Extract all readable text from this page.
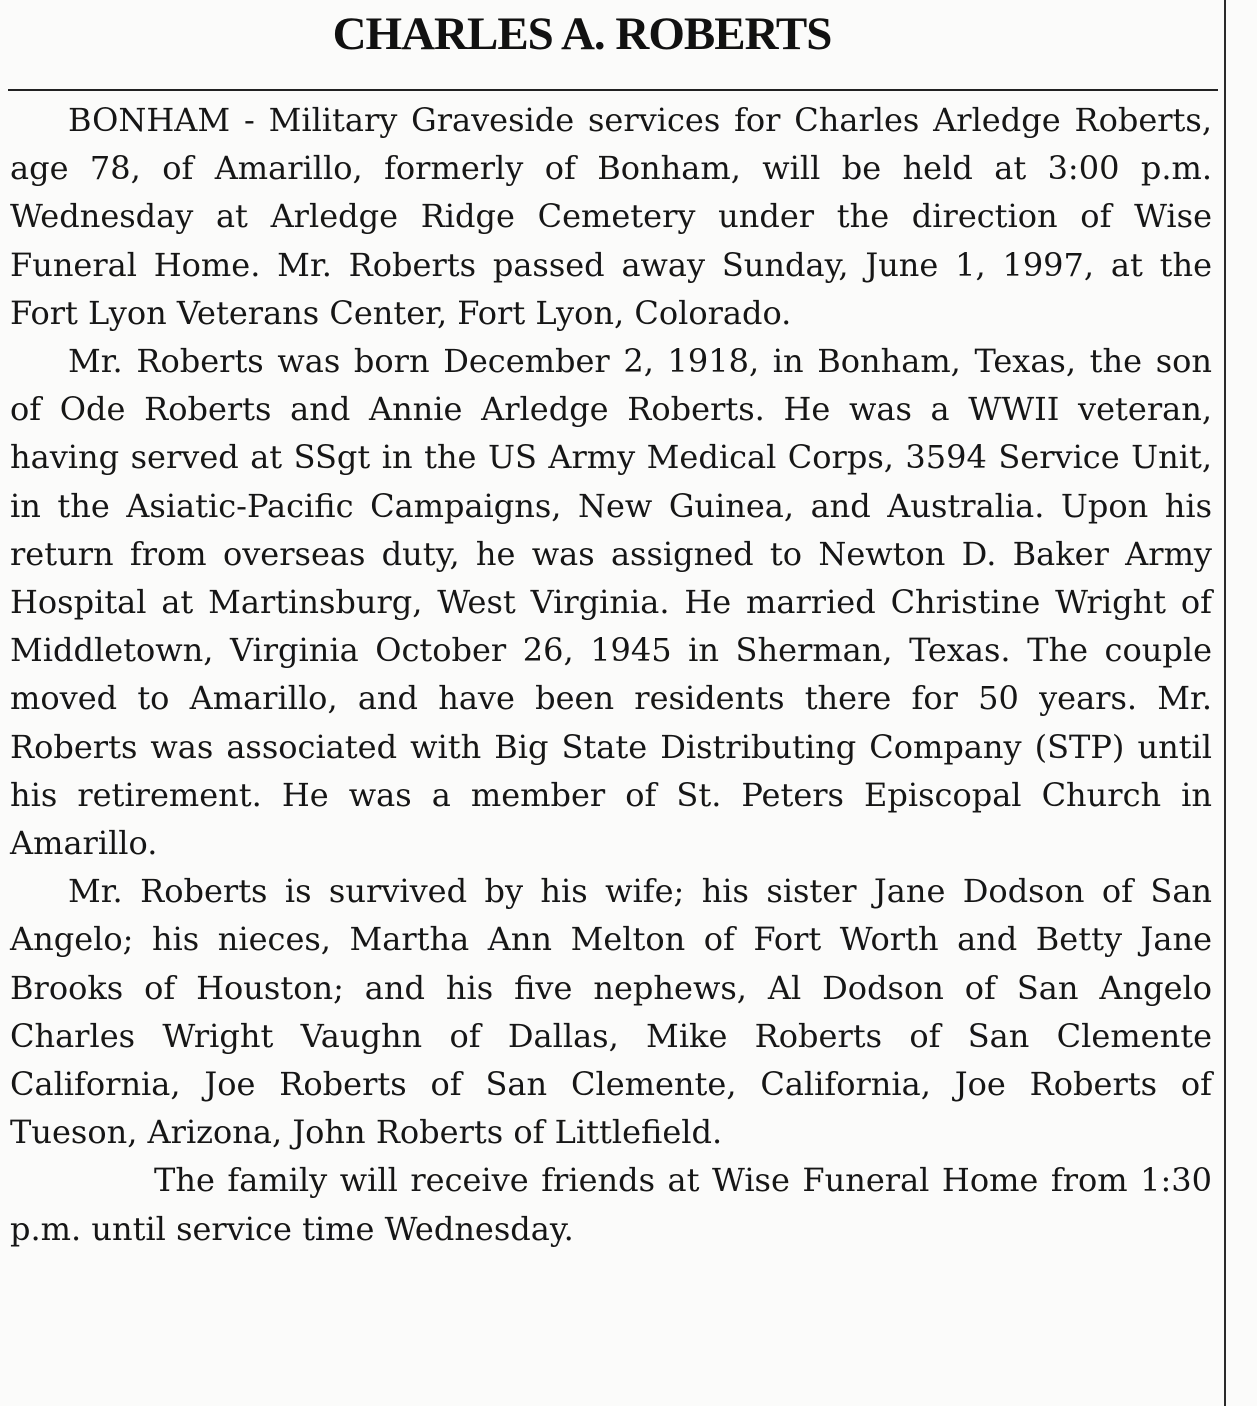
CHARLES A. ROBERTS

BONHAM - Military Graveside services for Charles Arledge Roberts, age 78, of Amarillo, formerly of Bonham, will be held at 3:00 p.m. Wednesday at Arledge Ridge Cemetery under the direction of Wise Funeral Home. Mr. Roberts passed away Sunday, June 1, 1997, at the Fort Lyon Veterans Center, Fort Lyon, Colorado.

Mr. Roberts was born December 2, 1918, in Bonham, Texas, the son of Ode Roberts and Annie Arledge Roberts. He was a WWII veteran, having served at SSgt in the US Army Medical Corps, 3594 Service Unit, in the Asiatic-Pacific Campaigns, New Guinea, and Australia. Upon his return from overseas duty, he was assigned to Newton D. Baker Army Hospital at Martinsburg, West Virginia. He married Christine Wright of Middletown, Virginia October 26, 1945 in Sherman, Texas. The couple moved to Amarillo, and have been residents there for 50 years. Mr. Roberts was associated with Big State Distributing Company (STP) until his retirement. He was a member of St. Peters Episcopal Church in Amarillo.

Mr. Roberts is survived by his wife; his sister Jane Dodson of San Angelo; his nieces, Martha Ann Melton of Fort Worth and Betty Jane Brooks of Houston; and his five nephews, Al Dodson of San Angelo Charles Wright Vaughn of Dallas, Mike Roberts of San Clemente California, Joe Roberts of San Clemente, California, Joe Roberts of Tueson, Arizona, John Roberts of Littlefield.

The family will receive friends at Wise Funeral Home from 1:30 p.m. until service time Wednesday.
